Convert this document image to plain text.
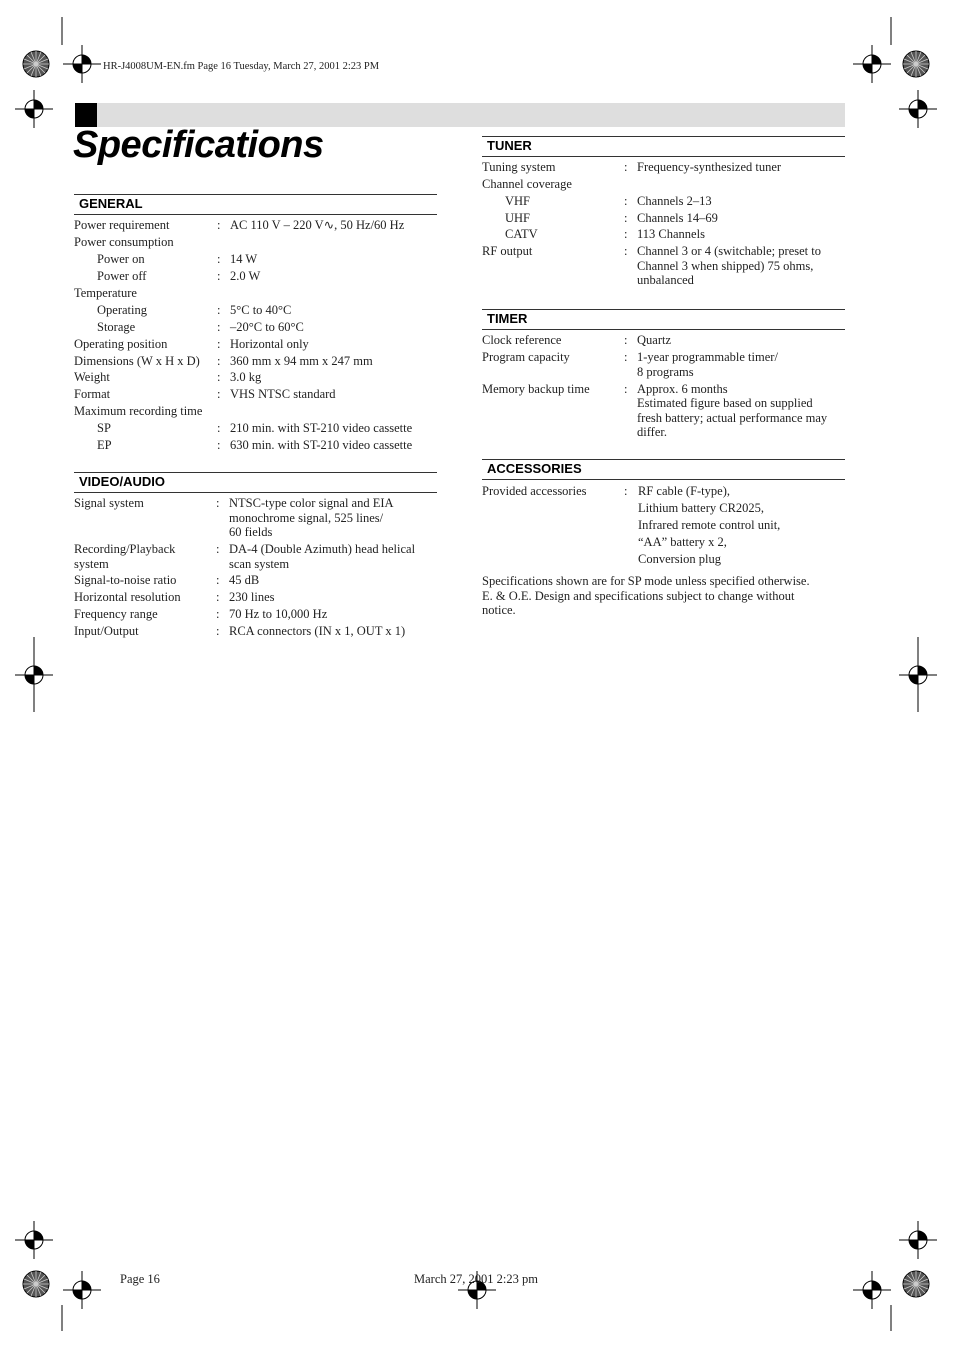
HR-J4008UM-EN.fm Page 16 Tuesday, March 27, 2001 2:23 PM
Specifications
GENERAL
Power requirement	: AC 110 V – 220 V∿, 50 Hz/60 Hz
Power consumption
Power on	: 14 W
Power off	: 2.0 W
Temperature
Operating	: 5°C to 40°C
Storage	: –20°C to 60°C
Operating position	: Horizontal only
Dimensions (W x H x D) : 360 mm x 94 mm x 247 mm
Weight	: 3.0 kg
Format	: VHS NTSC standard
Maximum recording time
SP	: 210 min. with ST-210 video cassette
EP	: 630 min. with ST-210 video cassette
VIDEO/AUDIO
Signal system	: NTSC-type color signal and EIA
monochrome signal, 525 lines/
60 fields
Recording/Playback
system
: DA-4 (Double Azimuth) head helical
scan system
Signal-to-noise ratio	: 45 dB
Horizontal resolution	: 230 lines
Frequency range	: 70 Hz to 10,000 Hz
Input/Output	: RCA connectors (IN x 1, OUT x 1)
TUNER
Tuning system	: Frequency-synthesized tuner
Channel coverage
VHF	: Channels 2–13
UHF	: Channels 14–69
CATV	: 113 Channels
RF output	: Channel 3 or 4 (switchable; preset to
Channel 3 when shipped) 75 ohms,
unbalanced
TIMER
Clock reference	: Quartz
Program capacity	: 1-year programmable timer/
8 programs
Memory backup time	: Approx. 6 months
Estimated figure based on supplied
fresh battery; actual performance may
differ.
ACCESSORIES
Provided accessories	: RF cable (F-type),
Lithium battery CR2025,
Infrared remote control unit,
“AA” battery x 2,
Conversion plug
Specifications shown are for SP mode unless specified otherwise.
E. & O.E. Design and specifications subject to change without
notice.
Page 16	March 27, 2001 2:23 pm
